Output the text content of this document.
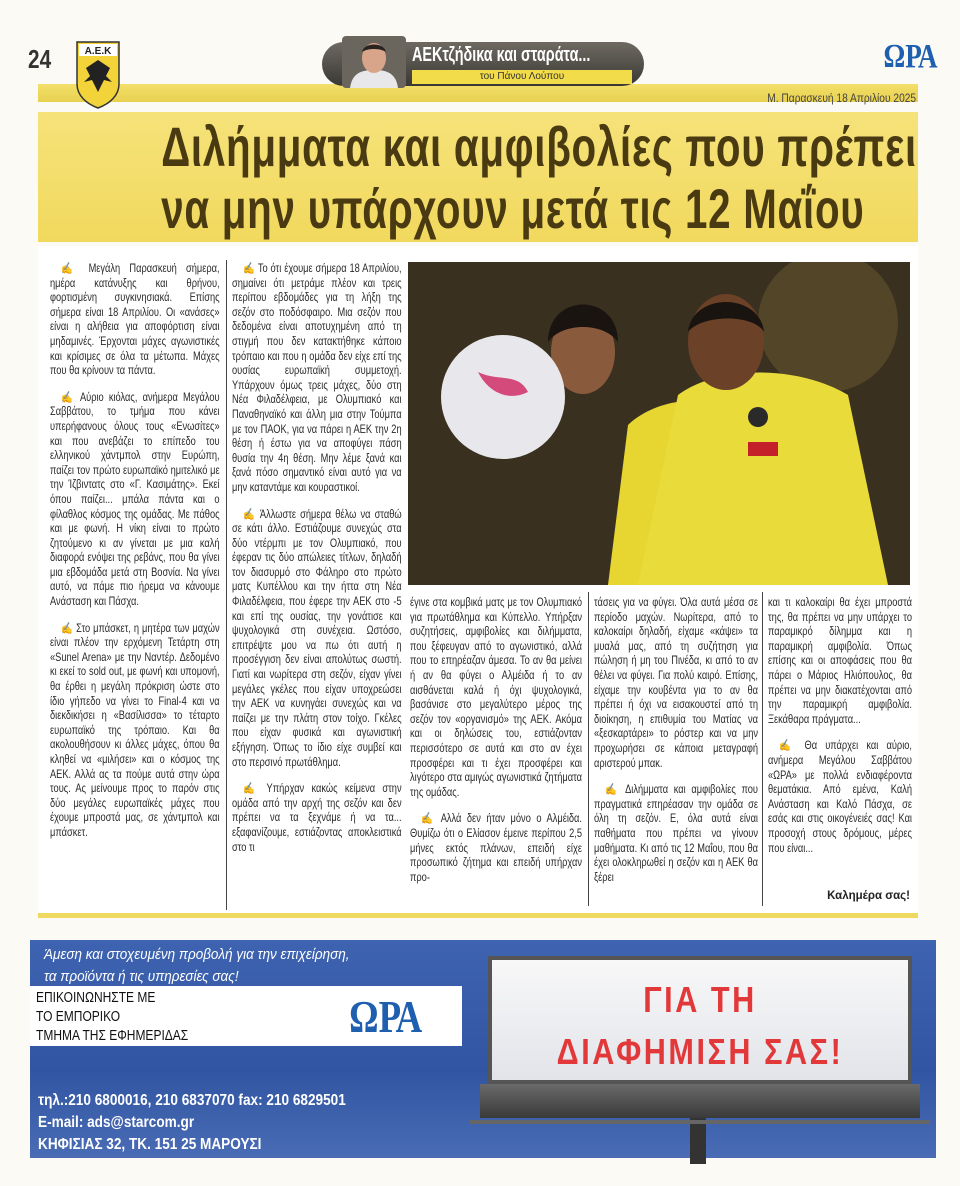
24	A.E.K	ΑΕΚτζήδικα και σταράτα...
του Πάνου Λούπου
ΩΡΑ
Μ. Παρασκευή 18 Απριλίου 2025
Διλήμματα και αμφιβολίες που πρέπει
να μην υπάρχουν μετά τις 12 Μαΐου

✍ Μεγάλη Παρασκευή σήμερα, ημέρα κατάνυξης και θρήνου, φορτισμένη συγκινησιακά. Επίσης σήμερα είναι 18 Απριλίου. Οι «ανάσες» είναι η αλήθεια για αποφόρτιση είναι μηδαμινές. Έρχονται μάχες αγωνιστικές και κρίσιμες σε όλα τα μέτωπα. Μάχες που θα κρίνουν τα πάντα.

✍ Αύριο κιόλας, ανήμερα Μεγάλου Σαββάτου, το τμήμα που κάνει υπερήφανους όλους τους «Ενωσίτες» και που ανεβάζει το επίπεδο του ελληνικού χάντμπολ στην Ευρώπη, παίζει τον πρώτο ευρωπαϊκό ημιτελικό με την Ίζβιντατς στο «Γ. Κασιμάτης». Εκεί όπου παίζει... μπάλα πάντα και ο φίλαθλος κόσμος της ομάδας. Με πάθος και με φωνή. Η νίκη είναι το πρώτο ζητούμενο κι αν γίνεται με μια καλή διαφορά ενόψει της ρεβάνς, που θα γίνει μια εβδομάδα μετά στη Βοσνία. Να γίνει αυτό, να πάμε πιο ήρεμα να κάνουμε Ανάσταση και Πάσχα.

✍ Στο μπάσκετ, η μητέρα των μαχών είναι πλέον την ερχόμενη Τετάρτη στη «Sunel Arena» με την Ναντέρ. Δεδομένο κι εκεί το sold out, με φωνή και υπομονή, θα έρθει η μεγάλη πρόκριση ώστε στο ίδιο γήπεδο να γίνει το Final-4 και να διεκδικήσει η «Βασίλισσα» το τέταρτο ευρωπαϊκό της τρόπαιο. Και θα ακολουθήσουν κι άλλες μάχες, όπου θα κληθεί να «μιλήσει» και ο κόσμος της ΑΕΚ. Αλλά ας τα πούμε αυτά στην ώρα τους. Ας μείνουμε προς το παρόν στις δύο μεγάλες ευρωπαϊκές μάχες που έχουμε μπροστά μας, σε χάντμπολ και μπάσκετ.

✍ Το ότι έχουμε σήμερα 18 Απριλίου, σημαίνει ότι μετράμε πλέον και τρεις περίπου εβδομάδες για τη λήξη της σεζόν στο ποδόσφαιρο. Μια σεζόν που δεδομένα είναι αποτυχημένη από τη στιγμή που δεν κατακτήθηκε κάποιο τρόπαιο και που η ομάδα δεν είχε επί της ουσίας ευρωπαϊκή συμμετοχή. Υπάρχουν όμως τρεις μάχες, δύο στη Νέα Φιλαδέλφεια, με Ολυμπιακό και Παναθηναϊκό και άλλη μια στην Τούμπα με τον ΠΑΟΚ, για να πάρει η ΑΕΚ την 2η θέση ή έστω για να αποφύγει πάση θυσία την 4η θέση. Μην λέμε ξανά και ξανά πόσο σημαντικό είναι αυτό για να μην καταντάμε και κουραστικοί.

✍ Άλλωστε σήμερα θέλω να σταθώ σε κάτι άλλο. Εστιάζουμε συνεχώς στα δύο ντέρμπι με τον Ολυμπιακό, που έφεραν τις δύο απώλειες τίτλων, δηλαδή τον διασυρμό στο Φάληρο στο πρώτο ματς Κυπέλλου και την ήττα στη Νέα Φιλαδέλφεια, που έφερε την ΑΕΚ στο -5 και επί της ουσίας, την γονάτισε και ψυχολογικά στη συνέχεια. Ωστόσο, επιτρέψτε μου να πω ότι αυτή η προσέγγιση δεν είναι απολύτως σωστή. Γιατί και νωρίτερα στη σεζόν, είχαν γίνει μεγάλες γκέλες που είχαν υποχρεώσει την ΑΕΚ να κυνηγάει συνεχώς και να παίζει με την πλάτη στον τοίχο. Γκέλες που είχαν φυσικά και αγωνιστική εξήγηση. Όπως το ίδιο είχε συμβεί και στο περσινό πρωτάθλημα.

✍ Υπήρχαν κακώς κείμενα στην ομάδα από την αρχή της σεζόν και δεν πρέπει να τα ξεχνάμε ή να τα... εξαφανίζουμε, εστιάζοντας αποκλειστικά στο τι

έγινε στα κομβικά ματς με τον Ολυμπιακό για πρωτάθλημα και Κύπελλο. Υπήρξαν συζητήσεις, αμφιβολίες και διλήμματα, που ξέφευγαν από το αγωνιστικό, αλλά που το επηρέαζαν άμεσα. Το αν θα μείνει ή αν θα φύγει ο Αλμέιδα ή το αν αισθάνεται καλά ή όχι ψυχολογικά, βασάνισε στο μεγαλύτερο μέρος της σεζόν τον «οργανισμό» της ΑΕΚ. Ακόμα και οι δηλώσεις του, εστιάζονταν περισσότερο σε αυτά και στο αν έχει προσφέρει και τι έχει προσφέρει και λιγότερο στα αμιγώς αγωνιστικά ζητήματα της ομάδας.

✍ Αλλά δεν ήταν μόνο ο Αλμέιδα. Θυμίζω ότι ο Ελίασον έμεινε περίπου 2,5 μήνες εκτός πλάνων, επειδή είχε προσωπικό ζήτημα και επειδή υπήρχαν προ-

τάσεις για να φύγει. Όλα αυτά μέσα σε περίοδο μαχών. Νωρίτερα, από το καλοκαίρι δηλαδή, είχαμε «κάψει» τα μυαλά μας, από τη συζήτηση για πώληση ή μη του Πινέδα, κι από το αν θέλει να φύγει. Για πολύ καιρό. Επίσης, είχαμε την κουβέντα για το αν θα πρέπει ή όχι να εισακουστεί από τη διοίκηση, η επιθυμία του Ματίας να «ξεσκαρτάρει» το ρόστερ και να μην προχωρήσει σε κάποια μεταγραφή αριστερού μπακ.

✍ Διλήμματα και αμφιβολίες που πραγματικά επηρέασαν την ομάδα σε όλη τη σεζόν. Ε, όλα αυτά είναι παθήματα που πρέπει να γίνουν μαθήματα. Κι από τις 12 Μαΐου, που θα έχει ολοκληρωθεί η σεζόν και η ΑΕΚ θα ξέρει

και τι καλοκαίρι θα έχει μπροστά της, θα πρέπει να μην υπάρχει το παραμικρό δίλημμα και η παραμικρή αμφιβολία. Όπως επίσης και οι αποφάσεις που θα πάρει ο Μάριος Ηλιόπουλος, θα πρέπει να μην διακατέχονται από την παραμικρή αμφιβολία. Ξεκάθαρα πράγματα...

✍ Θα υπάρχει και αύριο, ανήμερα Μεγάλου Σαββάτου «ΩΡΑ» με πολλά ενδιαφέροντα θεματάκια. Από εμένα, Καλή Ανάσταση και Καλό Πάσχα, σε εσάς και στις οικογένειές σας! Και προσοχή στους δρόμους, μέρες που είναι...

Καλημέρα σας!
Άμεση και στοχευμένη προβολή για την επιχείρηση,
τα προϊόντα ή τις υπηρεσίες σας!
ΕΠΙΚΟΙΝΩΝΗΣΤΕ ΜΕ
ΤΟ ΕΜΠΟΡΙΚΟ
ΤΜΗΜΑ ΤΗΣ ΕΦΗΜΕΡΙΔΑΣ	ΩΡΑ
τηλ.:210 6800016, 210 6837070 fax: 210 6829501
E-mail: ads@starcom.gr
ΚΗΦΙΣΙΑΣ 32, ΤΚ. 151 25 ΜΑΡΟΥΣΙ
ΓΙΑ ΤΗ
ΔΙΑΦΗΜΙΣΗ ΣΑΣ!
